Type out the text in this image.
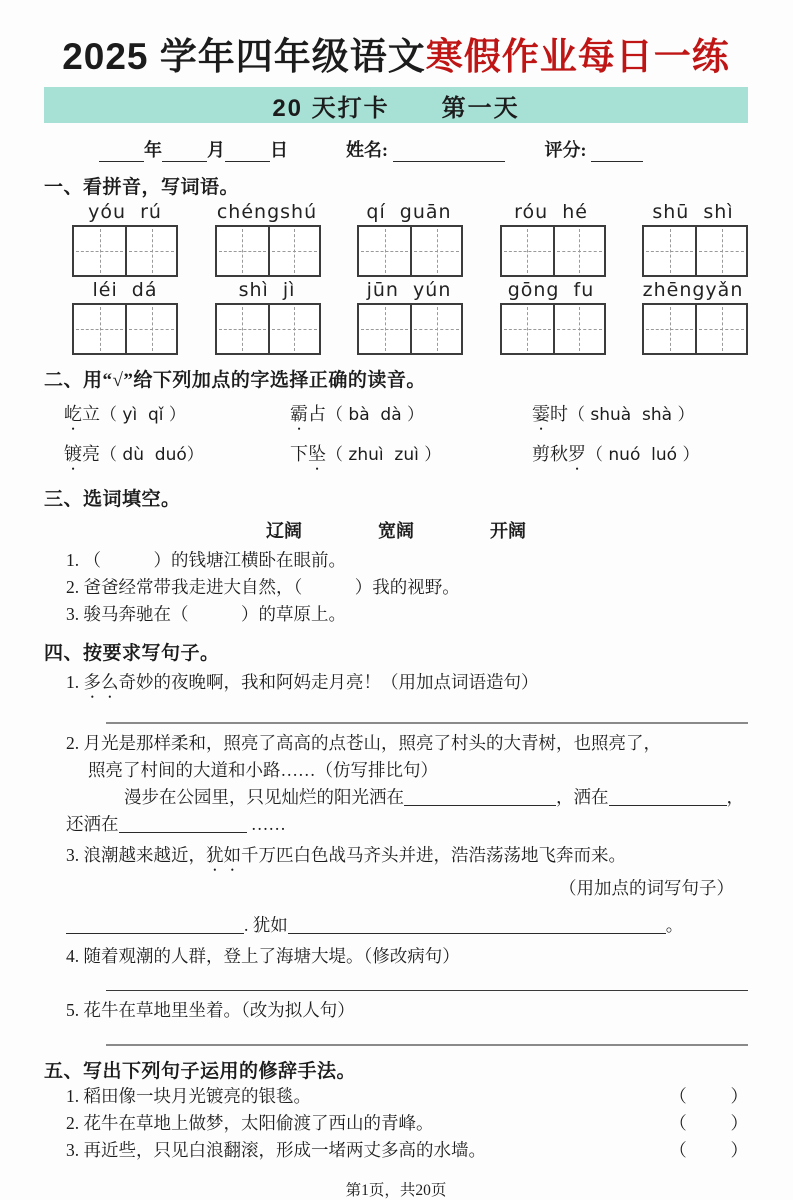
2025 学年四年级语文寒假作业每日一练
20 天打卡      第一天
年	月	日	姓名:	评分:
一、看拼音，写词语。
yóu  rú	chéngshú	qí  guān	róu  hé	shū  shì
léi  dá	shì  jì	jūn  yún	gōng  fu	zhēngyǎn
二、用“√”给下列加点的字选择正确的读音。
屹立（ yì  qǐ ）	霸占（ bà  dà ）	霎时（ shuà  shà ）
镀亮（ dù  duó）	下坠（ zhuì  zuì ）	剪秋罗（ nuó  luó ）
三、选词填空。
辽阔	宽阔	开阔
1. （　　　）的钱塘江横卧在眼前。
2. 爸爸经常带我走进大自然，（　　　）我的视野。
3. 骏马奔驰在（　　　）的草原上。
四、按要求写句子。
1. 多么奇妙的夜晚啊，我和阿妈走月亮！（用加点词语造句）
2. 月光是那样柔和，照亮了高高的点苍山，照亮了村头的大青树，也照亮了，
照亮了村间的大道和小路……（仿写排比句）
漫步在公园里，只见灿烂的阳光洒在	，洒在	，
还洒在	……
3. 浪潮越来越近，犹如千万匹白色战马齐头并进，浩浩荡荡地飞奔而来。
（用加点的词写句子）
. 犹如	。
4. 随着观潮的人群，登上了海塘大堤。（修改病句）
5. 花牛在草地里坐着。（改为拟人句）
五、写出下列句子运用的修辞手法。
1. 稻田像一块月光镀亮的银毯。	（          ）
2. 花牛在草地上做梦，太阳偷渡了西山的青峰。	（          ）
3. 再近些，只见白浪翻滚，形成一堵两丈多高的水墙。	（          ）
第1页，共20页
